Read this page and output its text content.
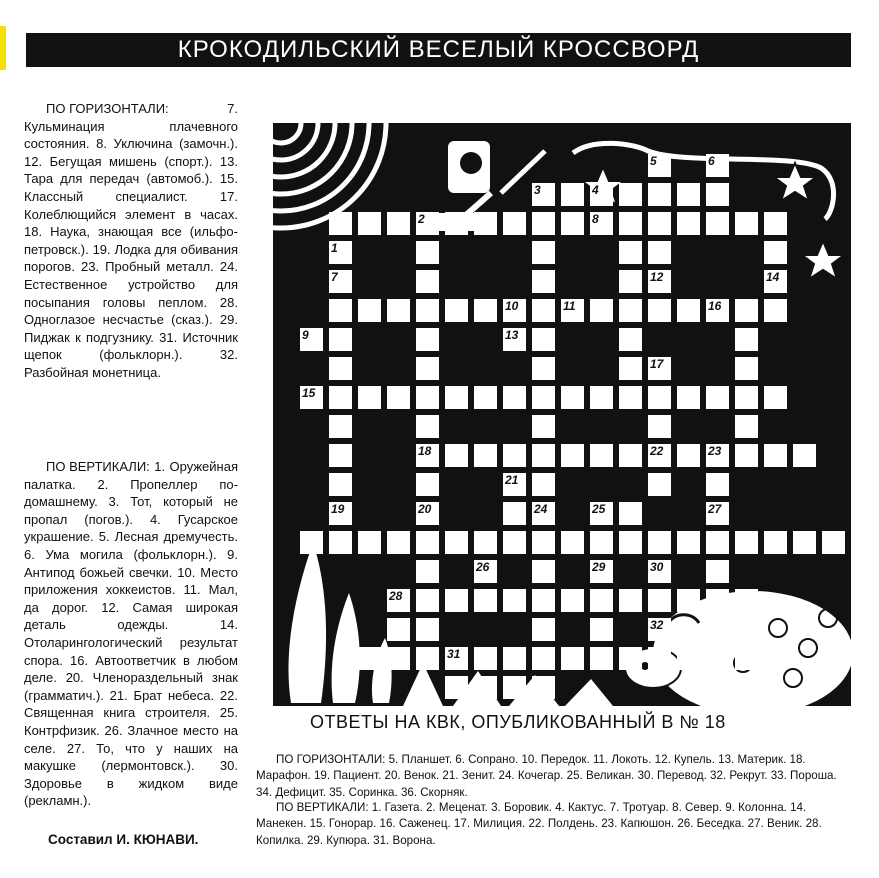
КРОКОДИЛЬСКИЙ ВЕСЕЛЫЙ КРОССВОРД

ПО ГОРИЗОНТАЛИ:	7. Кульминация плачевного состояния. 8. Уключина (замочн.). 12. Бегущая мишень (спорт.). 13. Тара для передач (автомоб.). 15. Классный специалист. 17. Колеблющийся элемент в часах. 18. Наука, знающая все (ильфо-петровск.). 19. Лодка для обивания порогов. 23. Пробный металл. 24. Естественное устройство для посыпания головы пеплом. 28. Одноглазое несчастье (сказ.). 29. Пиджак к подгузнику. 31. Источник щепок (фольклорн.). 32. Разбойная монетница.

ПО ВЕРТИКАЛИ: 1. Оружейная палатка. 2. Пропеллер по-домашнему. 3. Тот, который не пропал (погов.). 4. Гусарское украшение. 5. Лесная дремучесть. 6. Ума могила (фольклорн.). 9. Антипод божьей свечки. 10. Место приложения хоккеистов. 11. Мал, да дорог. 12. Самая широкая деталь одежды. 14. Отоларингологический результат спора. 16. Автоответчик в любом деле. 20. Членораздельный знак (грамматич.). 21. Брат небеса. 22. Священная книга строителя. 25. Контрфизик. 26. Злачное место на селе. 27. То, что у наших на макушке (лермонтовск.). 30. Здоровье в жидком виде (рекламн.).

Составил И. КЮНАВИ.
1
2
3	4
5	6
7
8
9
10	11
12
13
14
15
16
17
18
19	20
21
22	23
24	25
26
27
28
29	30
31
32
ОТВЕТЫ НА КВК, ОПУБЛИКОВАННЫЙ В № 18

ПО ГОРИЗОНТАЛИ: 5. Планшет. 6. Сопрано. 10. Передок. 11. Локоть. 12. Купель. 13. Материк. 18. Марафон. 19. Пациент. 20. Венок. 21. Зенит. 24. Кочегар. 25. Великан. 30. Перевод. 32. Рекрут. 33. Пороша. 34. Дефицит. 35. Соринка. 36. Скорняк.

ПО ВЕРТИКАЛИ: 1. Газета. 2. Меценат. 3. Боровик. 4. Кактус. 7. Тротуар. 8. Север. 9. Колонна. 14. Манекен. 15. Гонорар. 16. Саженец. 17. Милиция. 22. Полдень. 23. Капюшон. 26. Беседка. 27. Веник. 28. Копилка. 29. Купюра. 31. Ворона.
